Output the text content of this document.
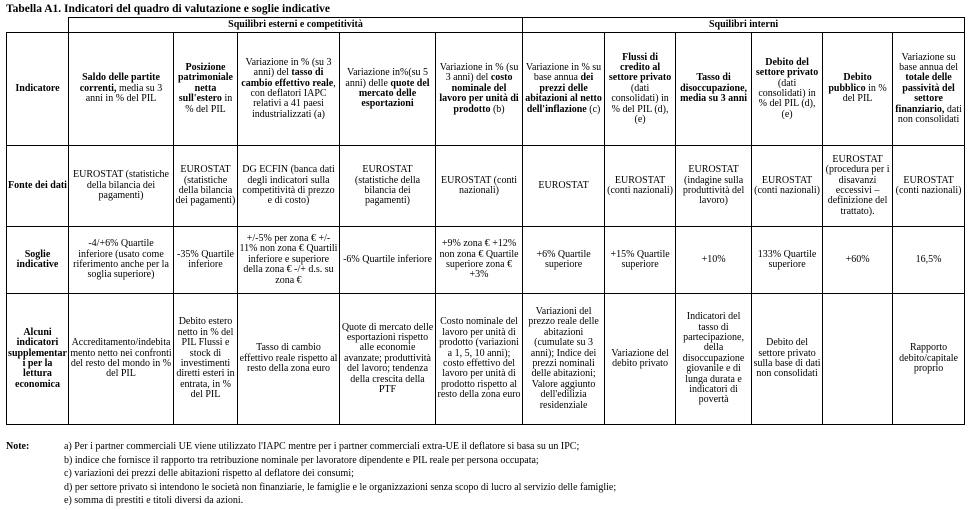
Tabella A1. Indicatori del quadro di valutazione e soglie indicative
	Squilibri esterni e competitività					Squilibri interni					
Indicatore	Saldo delle partite correnti, media su 3 anni in % del PIL	Posizione patrimoniale netta sull'estero in % del PIL	Variazione in % (su 3 anni) del tasso di cambio effettivo reale, con deflatori IAPC relativi a 41 paesi industrializzati (a)	Variazione in%(su 5 anni) delle quote del mercato delle esportazioni	Variazione in % (su 3 anni) del costo nominale del lavoro per unità di prodotto (b)	Variazione in % su base annua dei prezzi delle abitazioni al netto dell'inflazione (c)	Flussi di credito al settore privato (dati consolidati) in % del PIL (d), (e)	Tasso di disoccupazione, media su 3 anni	Debito del settore privato (dati consolidati) in % del PIL (d), (e)	Debito pubblico in % del PIL	Variazione su base annua del totale delle passività del settore finanziario, dati non consolidati
Fonte dei dati	EUROSTAT (statistiche della bilancia dei pagamenti)	EUROSTAT (statistiche della bilancia dei pagamenti)	DG ECFIN (banca dati degli indicatori sulla competitività di prezzo e di costo)	EUROSTAT (statistiche della bilancia dei pagamenti)	EUROSTAT (conti nazionali)	EUROSTAT	EUROSTAT (conti nazionali)	EUROSTAT (indagine sulla produttività del lavoro)	EUROSTAT (conti nazionali)	EUROSTAT (procedura per i disavanzi eccessivi – definizione del trattato).	EUROSTAT (conti nazionali)
Soglie indicative	-4/+6% Quartile inferiore (usato come riferimento anche per la soglia superiore)	-35% Quartile inferiore	+/-5% per zona € +/- 11% non zona € Quartili inferiore e superiore della zona € -/+ d.s. su zona €	-6% Quartile inferiore	+9% zona € +12% non zona € Quartile superiore zona € +3%	+6% Quartile superiore	+15% Quartile superiore	+10%	133% Quartile superiore	+60%	16,5%
Alcuni indicatori supplementari per la lettura economica	Accreditamento/indebitamento netto nei confronti del resto del mondo in % del PIL	Debito estero netto in % del PIL Flussi e stock di investimenti diretti esteri in entrata, in % del PIL	Tasso di cambio effettivo reale rispetto al resto della zona euro	Quote di mercato delle esportazioni rispetto alle economie avanzate; produttività del lavoro; tendenza della crescita della PTF	Costo nominale del lavoro per unità di prodotto (variazioni a 1, 5, 10 anni); costo effettivo del lavoro per unità di prodotto rispetto al resto della zona euro	Variazioni del prezzo reale delle abitazioni (cumulate su 3 anni); Indice dei prezzi nominali delle abitazioni; Valore aggiunto dell'edilizia residenziale	Variazione del debito privato	Indicatori del tasso di partecipazione, della disoccupazione giovanile e di lunga durata e indicatori di povertà	Debito del settore privato sulla base di dati non consolidati		Rapporto debito/capitale proprio
Note:	a) Per i partner commerciali UE viene utilizzato l'IAPC mentre per i partner commerciali extra-UE il deflatore si basa su un IPC;
b) indice che fornisce il rapporto tra retribuzione nominale per lavoratore dipendente e PIL reale per persona occupata;
c) variazioni dei prezzi delle abitazioni rispetto al deflatore dei consumi;
d) per settore privato si intendono le società non finanziarie, le famiglie e le organizzazioni senza scopo di lucro al servizio delle famiglie;
e) somma di prestiti e titoli diversi da azioni.
